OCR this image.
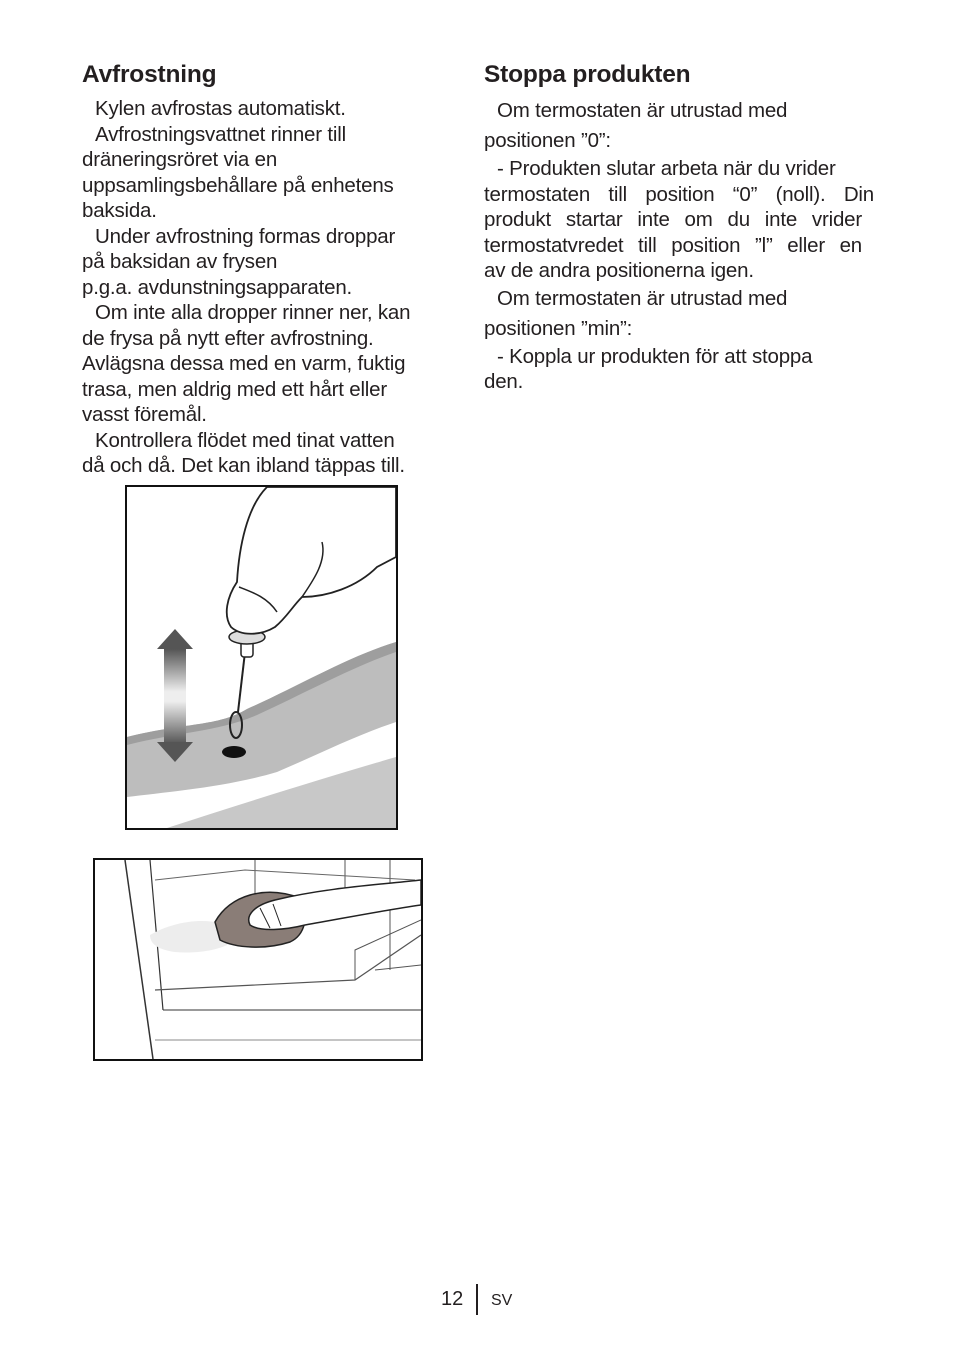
Avfrostning

Kylen avfrostas automatiskt.

Avfrostningsvattnet rinner till

dräneringsröret via en

uppsamlingsbehållare på enhetens

baksida.

Under avfrostning formas droppar

på baksidan av frysen

p.g.a. avdunstningsapparaten.

Om inte alla dropper rinner ner, kan

de frysa på nytt efter avfrostning.

Avlägsna dessa med en varm, fuktig

trasa, men aldrig med ett hårt eller

vasst föremål.

Kontrollera flödet med tinat vatten

då och då. Det kan ibland täppas till.

Stoppa produkten

Om termostaten är utrustad med

positionen ”0”:

- Produkten slutar arbeta när du vrider

termostaten till position “0” (noll). Din

produkt startar inte om du inte vrider

termostatvredet till position ”l” eller en

av de andra positionerna igen.

Om termostaten är utrustad med

positionen ”min”:

- Koppla ur produkten för att stoppa

den.

12 SV
